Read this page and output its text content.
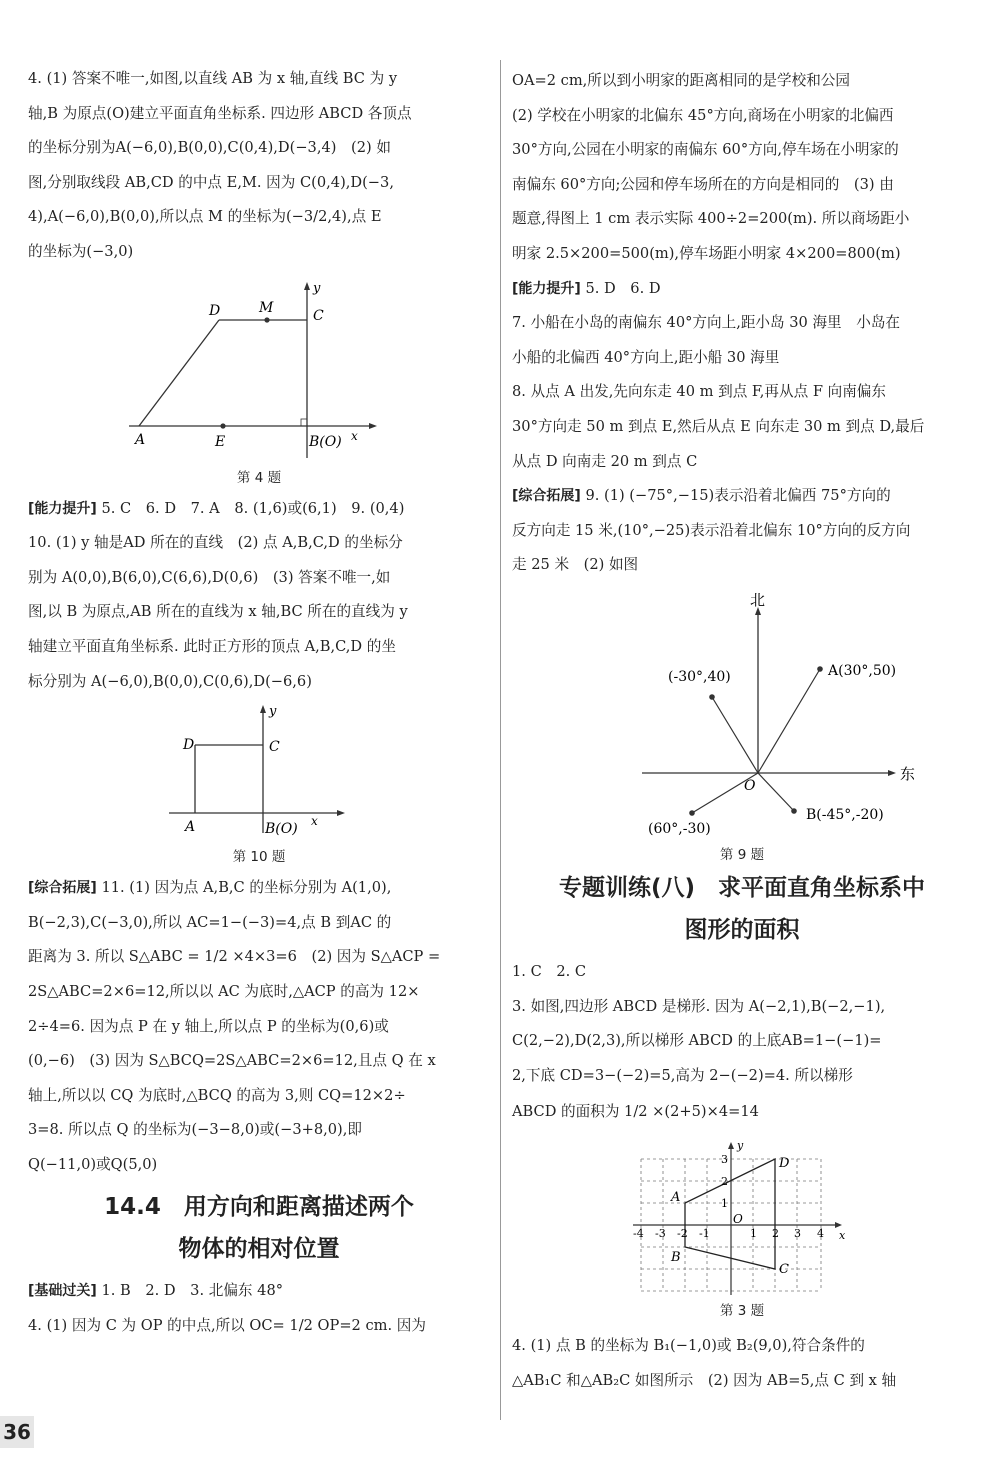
4. (1) 答案不唯一,如图,以直线 AB 为 x 轴,直线 BC 为 y

轴,B 为原点(O)建立平面直角坐标系. 四边形 ABCD 各顶点

的坐标分别为A(−6,0),B(0,0),C(0,4),D(−3,4)　(2) 如

图,分别取线段 AB,CD 的中点 E,M. 因为 C(0,4),D(−3,

4),A(−6,0),B(0,0),所以点 M 的坐标为(−3/2,4),点 E

的坐标为(−3,0)

D	M	C
y
A	E	B(O) x

第 4 题

[能力提升] 5. C　6. D　7. A　8. (1,6)或(6,1)　9. (0,4)

10. (1) y 轴是AD 所在的直线　(2) 点 A,B,C,D 的坐标分

别为 A(0,0),B(6,0),C(6,6),D(0,6)　(3) 答案不唯一,如

图,以 B 为原点,AB 所在的直线为 x 轴,BC 所在的直线为 y

轴建立平面直角坐标系. 此时正方形的顶点 A,B,C,D 的坐

标分别为 A(−6,0),B(0,0),C(0,6),D(−6,6)

D	C
y
A	B(O) x

第 10 题

[综合拓展] 11. (1) 因为点 A,B,C 的坐标分别为 A(1,0),

B(−2,3),C(−3,0),所以 AC=1−(−3)=4,点 B 到AC 的

距离为 3. 所以 S△ABC = 1/2 ×4×3=6　(2) 因为 S△ACP =

2S△ABC=2×6=12,所以以 AC 为底时,△ACP 的高为 12×

2÷4=6. 因为点 P 在 y 轴上,所以点 P 的坐标为(0,6)或

(0,−6)　(3) 因为 S△BCQ=2S△ABC=2×6=12,且点 Q 在 x

轴上,所以以 CQ 为底时,△BCQ 的高为 3,则 CQ=12×2÷

3=8. 所以点 Q 的坐标为(−3−8,0)或(−3+8,0),即

Q(−11,0)或Q(5,0)

14.4　用方向和距离描述两个
物体的相对位置

[基础过关] 1. B　2. D　3. 北偏东 48°

4. (1) 因为 C 为 OP 的中点,所以 OC= 1/2 OP=2 cm. 因为

OA=2 cm,所以到小明家的距离相同的是学校和公园

(2) 学校在小明家的北偏东 45°方向,商场在小明家的北偏西

30°方向,公园在小明家的南偏东 60°方向,停车场在小明家的

南偏东 60°方向;公园和停车场所在的方向是相同的　(3) 由

题意,得图上 1 cm 表示实际 400÷2=200(m). 所以商场距小

明家 2.5×200=500(m),停车场距小明家 4×200=800(m)

[能力提升] 5. D　6. D

7. 小船在小岛的南偏东 40°方向上,距小岛 30 海里　小岛在

小船的北偏西 40°方向上,距小船 30 海里

8. 从点 A 出发,先向东走 40 m 到点 F,再从点 F 向南偏东

30°方向走 50 m 到点 E,然后从点 E 向东走 30 m 到点 D,最后

从点 D 向南走 20 m 到点 C

[综合拓展] 9. (1) (−75°,−15)表示沿着北偏西 75°方向的

反方向走 15 米,(10°,−25)表示沿着北偏东 10°方向的反方向

走 25 米　(2) 如图

北
东
O
A(30°,50)
(-30°,40)
B(-45°,-20)
(60°,-30)

第 9 题

专题训练(八)　求平面直角坐标系中
图形的面积

1. C　2. C

3. 如图,四边形 ABCD 是梯形. 因为 A(−2,1),B(−2,−1),

C(2,−2),D(2,3),所以梯形 ABCD 的上底AB=1−(−1)=

2,下底 CD=3−(−2)=5,高为 2−(−2)=4. 所以梯形

ABCD 的面积为 1/2 ×(2+5)×4=14

A
B
C
D
O
x
y
-4 -3 -2 -1	1 2 3 4
3
2
1

第 3 题

4. (1) 点 B 的坐标为 B₁(−1,0)或 B₂(9,0),符合条件的

△AB₁C 和△AB₂C 如图所示　(2) 因为 AB=5,点 C 到 x 轴

36
